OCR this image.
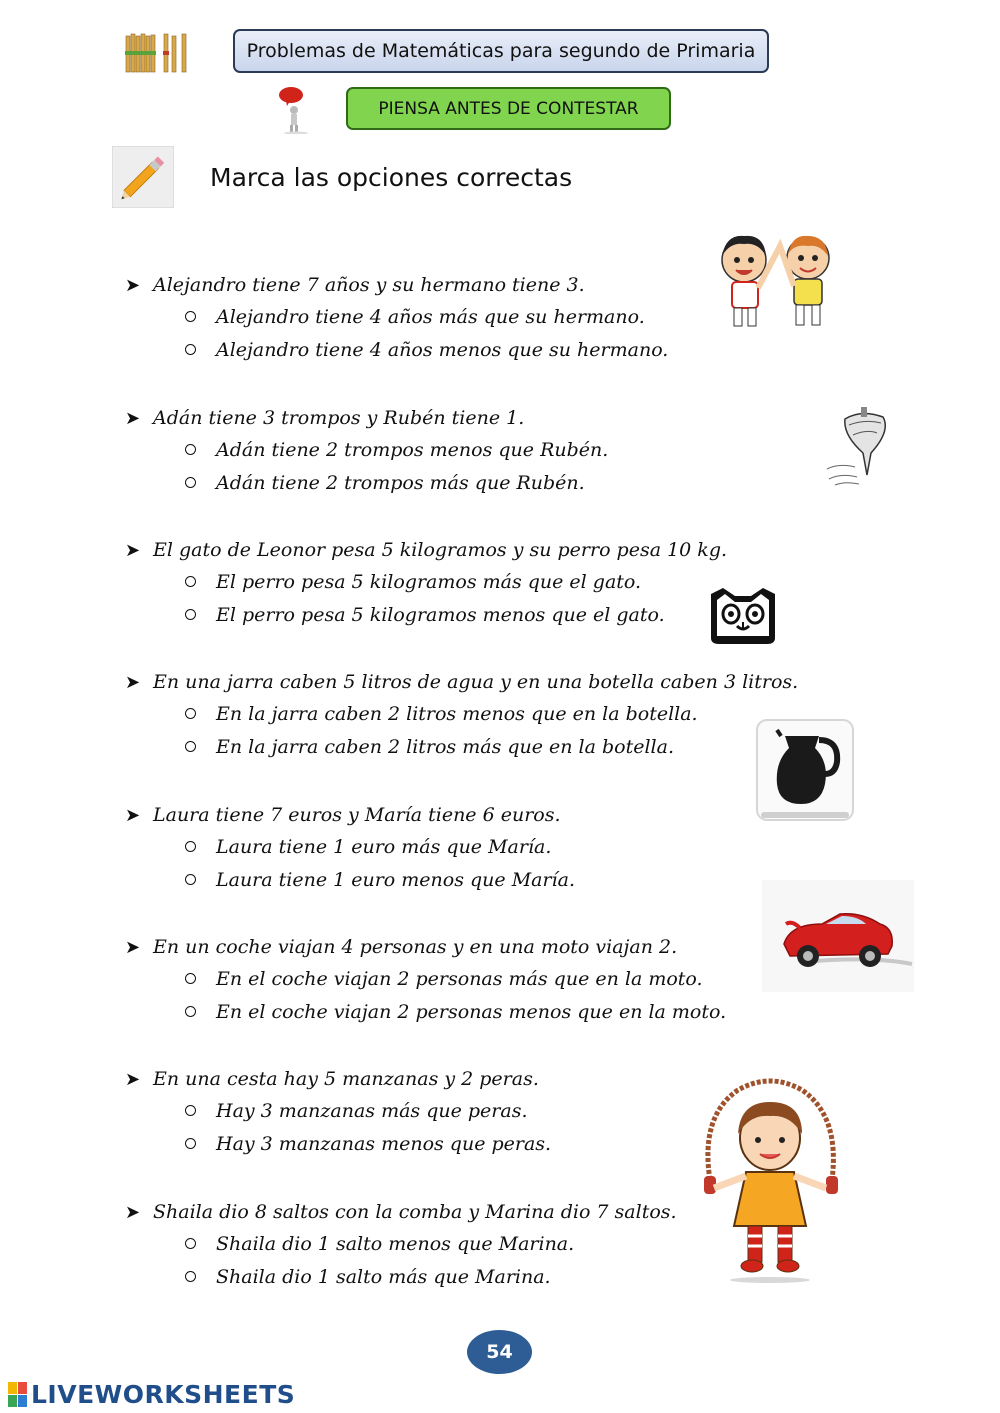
Problemas de Matemáticas para segundo de Primaria
PIENSA ANTES DE CONTESTAR
Marca las opciones correctas
➤ Alejandro tiene 7 años y su hermano tiene 3.
Alejandro tiene 4 años más que su hermano.
Alejandro tiene 4 años menos que su hermano.
➤ Adán tiene 3 trompos y Rubén tiene 1.
Adán tiene 2 trompos menos que Rubén.
Adán tiene 2 trompos más que Rubén.
➤ El gato de Leonor pesa 5 kilogramos y su perro pesa 10 kg.
El perro pesa 5 kilogramos más que el gato.
El perro pesa 5 kilogramos menos que el gato.
➤ En una jarra caben 5 litros de agua y en una botella caben 3 litros.
En la jarra caben 2 litros menos que en la botella.
En la jarra caben 2 litros más que en la botella.
➤ Laura tiene 7 euros y María tiene 6 euros.
Laura tiene 1 euro más que María.
Laura tiene 1 euro menos que María.
➤ En un coche viajan 4 personas y en una moto viajan 2.
En el coche viajan 2 personas más que en la moto.
En el coche viajan 2 personas menos que en la moto.
➤ En una cesta hay 5 manzanas y 2 peras.
Hay 3 manzanas más que peras.
Hay 3 manzanas menos que peras.
➤ Shaila dio 8 saltos con la comba y Marina dio 7 saltos.
Shaila dio 1 salto menos que Marina.
Shaila dio 1 salto más que Marina.
54
LIVEWORKSHEETS
